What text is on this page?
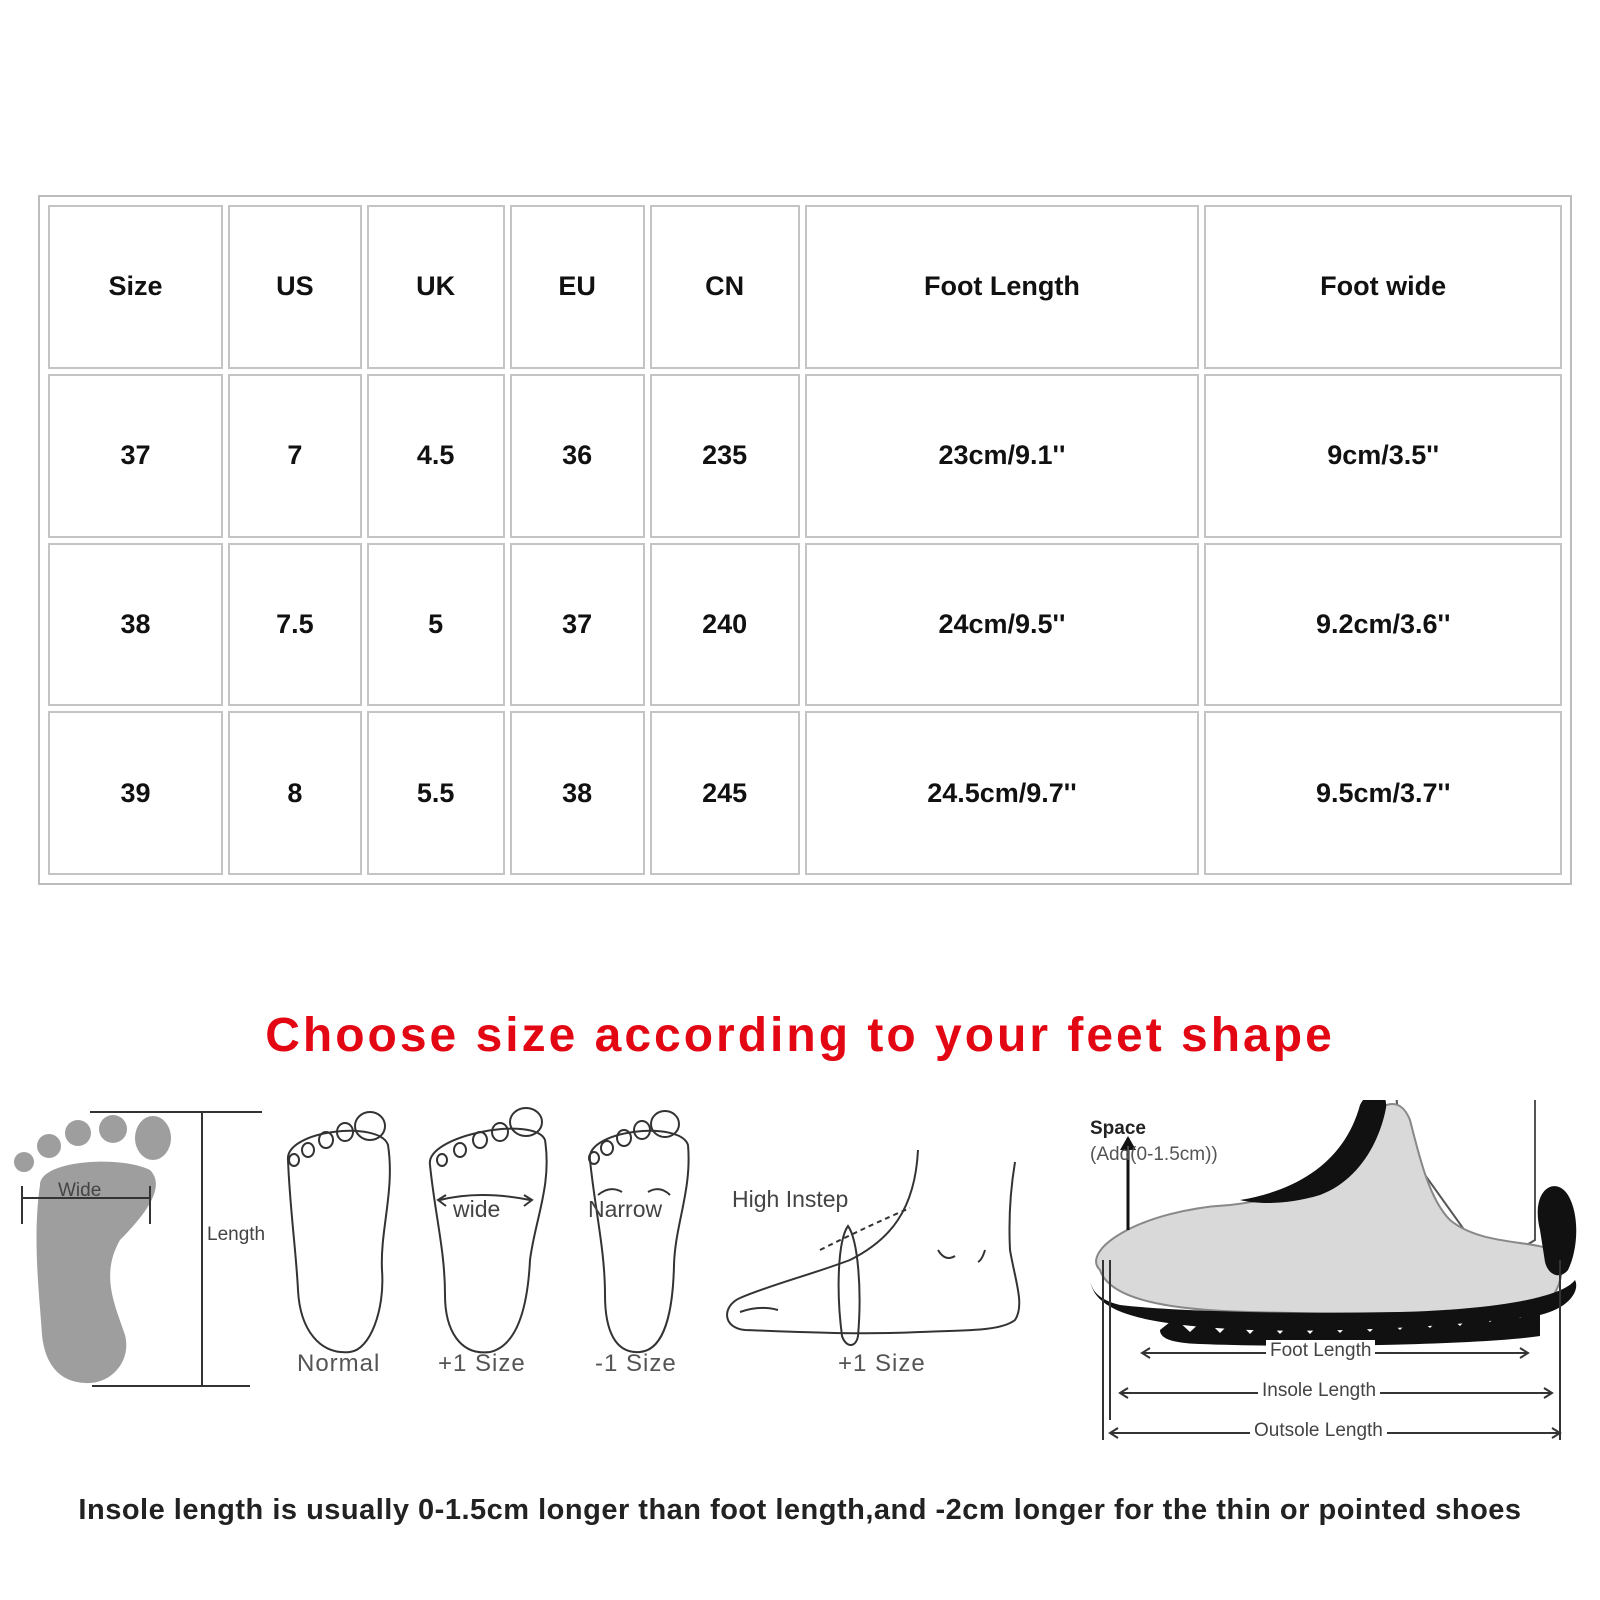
Size	US	UK	EU	CN	Foot Length	Foot wide
37	7	4.5	36	235	23cm/9.1''	9cm/3.5''
38	7.5	5	37	240	24cm/9.5''	9.2cm/3.6''
39	8	5.5	38	245	24.5cm/9.7''	9.5cm/3.7''
Choose size according to your feet shape
Wide
Length
Normal
wide
+1 Size
Narrow
-1 Size
High Instep
+1 Size
Space
(Add(0-1.5cm))
Foot Length
Insole Length
Outsole Length
Insole length is usually 0-1.5cm longer than foot length,and -2cm longer for the thin or pointed shoes
